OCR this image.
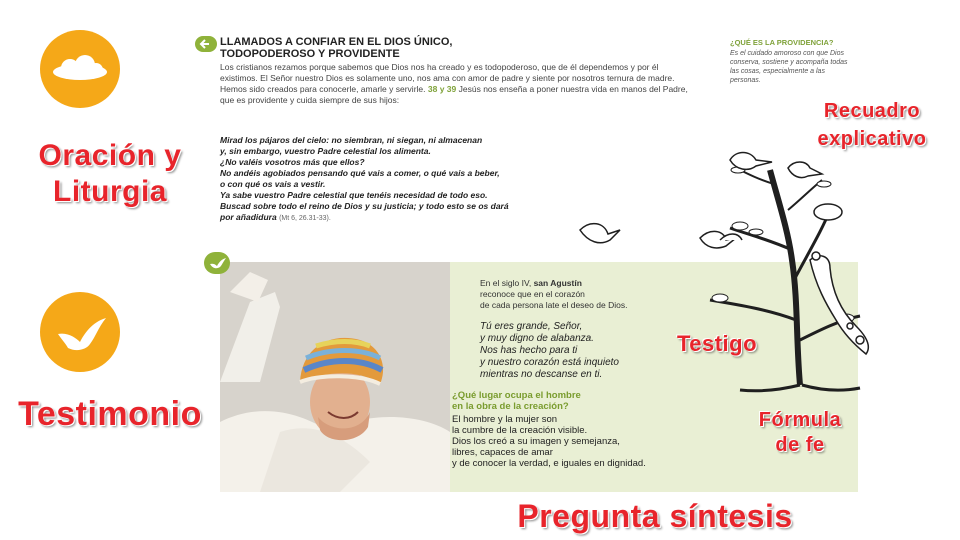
Oración y
Liturgia
Testimonio
LLAMADOS A CONFIAR EN EL DIOS ÚNICO, TODOPODEROSO Y PROVIDENTE
Los cristianos rezamos porque sabemos que Dios nos ha creado y es todopoderoso, que de él dependemos y por él existimos. El Señor nuestro Dios es solamente uno, nos ama con amor de padre y siente por nosotros ternura de madre. Hemos sido creados para conocerle, amarle y servirle. 38 y 39 Jesús nos enseña a poner nuestra vida en manos del Padre, que es providente y cuida siempre de sus hijos:
Mirad los pájaros del cielo: no siembran, ni siegan, ni almacenan
y, sin embargo, vuestro Padre celestial los alimenta.
¿No valéis vosotros más que ellos?
No andéis agobiados pensando qué vais a comer, o qué vais a beber,
o con qué os vais a vestir.
Ya sabe vuestro Padre celestial que tenéis necesidad de todo eso.
Buscad sobre todo el reino de Dios y su justicia; y todo esto se os dará
por añadidura (Mt 6, 26.31-33).
¿QUÉ ES LA PROVIDENCIA?
Es el cuidado amoroso con que Dios conserva, sostiene y acompaña todas las cosas, especialmente a las personas.
Recuadro
explicativo
En el siglo IV, san Agustín
reconoce que en el corazón
de cada persona late el deseo de Dios.

Tú eres grande, Señor,
y muy digno de alabanza.
Nos has hecho para ti
y nuestro corazón está inquieto
mientras no descanse en ti.

¿Qué lugar ocupa el hombre
en la obra de la creación?
El hombre y la mujer son
la cumbre de la creación visible.
Dios los creó a su imagen y semejanza,
libres, capaces de amar
y de conocer la verdad, e iguales en dignidad.
Testigo
Fórmula
de fe
Pregunta síntesis
